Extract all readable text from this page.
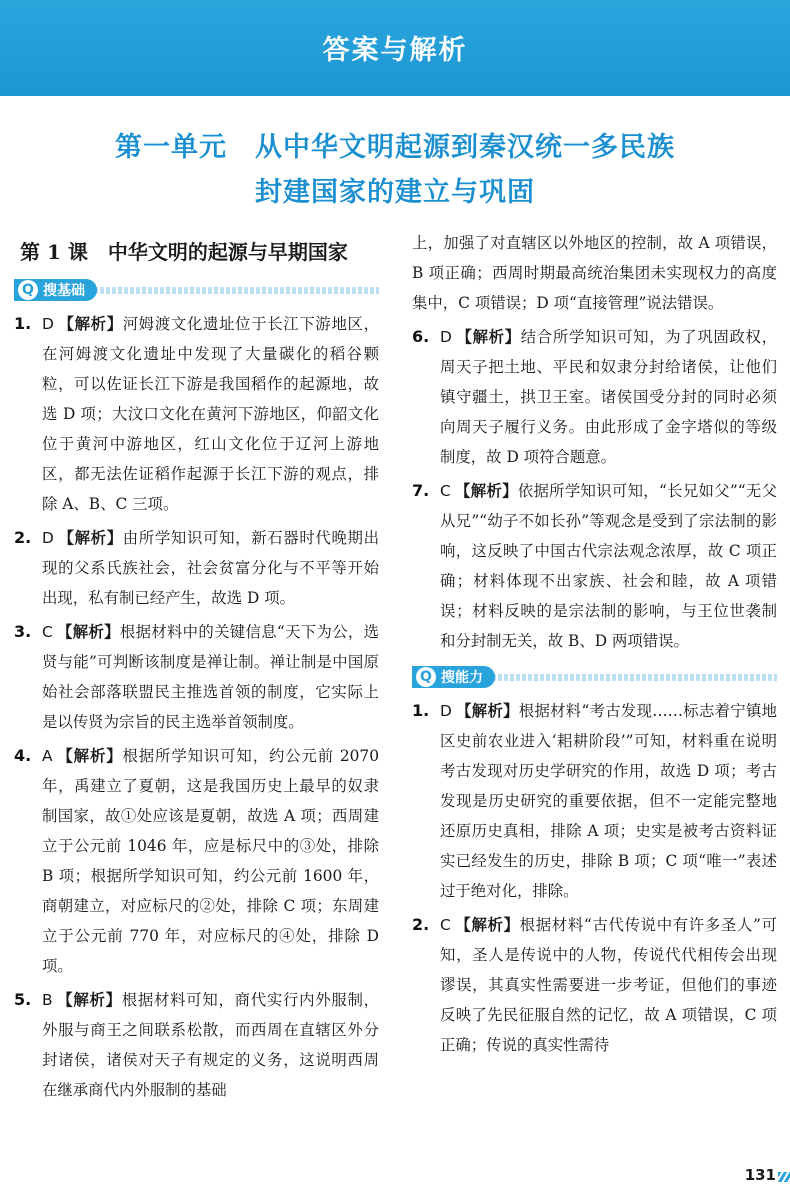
答案与解析
第一单元　从中华文明起源到秦汉统一多民族
封建国家的建立与巩固
第 1 课　中华文明的起源与早期国家
Q 搜基础
1. D 【解析】河姆渡文化遗址位于长江下游地区，在河姆渡文化遗址中发现了大量碳化的稻谷颗粒，可以佐证长江下游是我国稻作的起源地，故选 D 项；大汶口文化在黄河下游地区，仰韶文化位于黄河中游地区，红山文化位于辽河上游地区，都无法佐证稻作起源于长江下游的观点，排除 A、B、C 三项。
2. D 【解析】由所学知识可知，新石器时代晚期出现的父系氏族社会，社会贫富分化与不平等开始出现，私有制已经产生，故选 D 项。
3. C 【解析】根据材料中的关键信息“天下为公，选贤与能”可判断该制度是禅让制。禅让制是中国原始社会部落联盟民主推选首领的制度，它实际上是以传贤为宗旨的民主选举首领制度。
4. A 【解析】根据所学知识可知，约公元前 2070 年，禹建立了夏朝，这是我国历史上最早的奴隶制国家，故①处应该是夏朝，故选 A 项；西周建立于公元前 1046 年，应是标尺中的③处，排除 B 项；根据所学知识可知，约公元前 1600 年，商朝建立，对应标尺的②处，排除 C 项；东周建立于公元前 770 年，对应标尺的④处，排除 D 项。
5. B 【解析】根据材料可知，商代实行内外服制，外服与商王之间联系松散，而西周在直辖区外分封诸侯，诸侯对天子有规定的义务，这说明西周在继承商代内外服制的基础
上，加强了对直辖区以外地区的控制，故 A 项错误，B 项正确；西周时期最高统治集团未实现权力的高度集中，C 项错误；D 项“直接管理”说法错误。
6. D 【解析】结合所学知识可知，为了巩固政权，周天子把土地、平民和奴隶分封给诸侯，让他们镇守疆土，拱卫王室。诸侯国受分封的同时必须向周天子履行义务。由此形成了金字塔似的等级制度，故 D 项符合题意。
7. C 【解析】依据所学知识可知，“长兄如父”“无父从兄”“幼子不如长孙”等观念是受到了宗法制的影响，这反映了中国古代宗法观念浓厚，故 C 项正确；材料体现不出家族、社会和睦，故 A 项错误；材料反映的是宗法制的影响，与王位世袭制和分封制无关，故 B、D 两项错误。
Q 搜能力
1. D 【解析】根据材料“考古发现……标志着宁镇地区史前农业进入‘耜耕阶段’”可知，材料重在说明考古发现对历史学研究的作用，故选 D 项；考古发现是历史研究的重要依据，但不一定能完整地还原历史真相，排除 A 项；史实是被考古资料证实已经发生的历史，排除 B 项；C 项“唯一”表述过于绝对化，排除。
2. C 【解析】根据材料“古代传说中有许多圣人”可知，圣人是传说中的人物，传说代代相传会出现谬误，其真实性需要进一步考证，但他们的事迹反映了先民征服自然的记忆，故 A 项错误，C 项正确；传说的真实性需待
131
